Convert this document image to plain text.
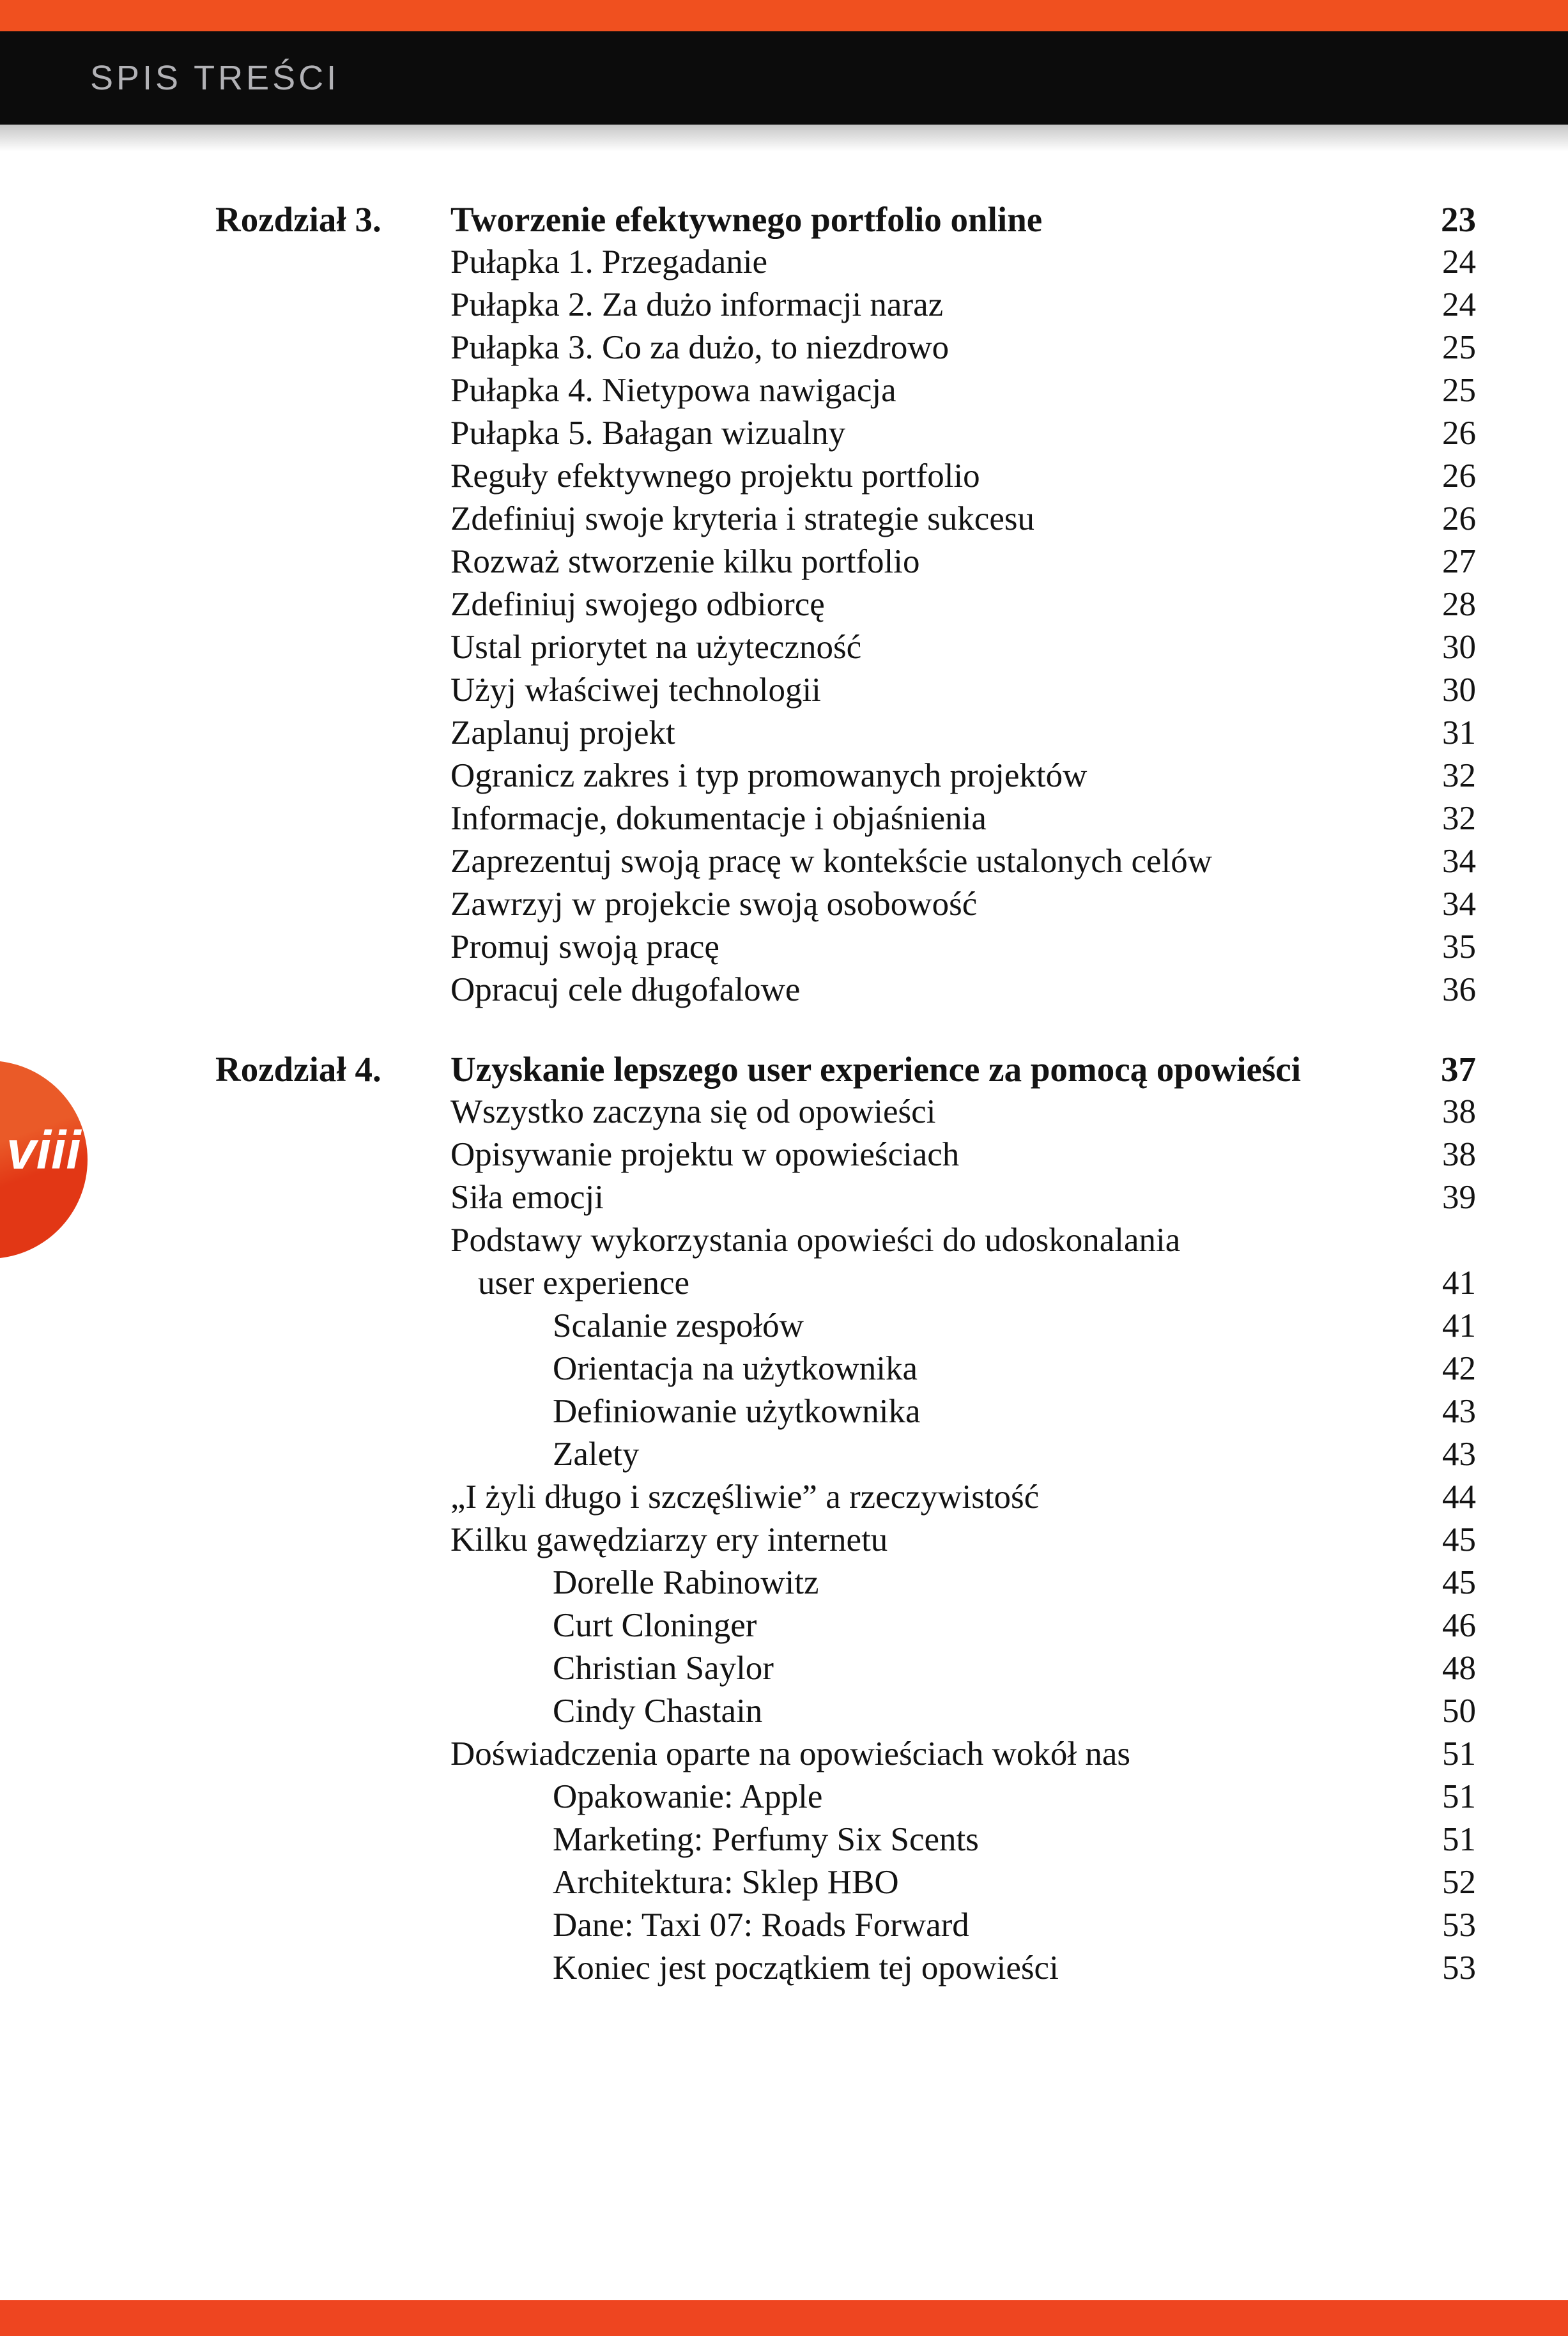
SPIS TREŚCI
Rozdział 3. Tworzenie efektywnego portfolio online	23
Pułapka 1. Przegadanie	24
Pułapka 2. Za dużo informacji naraz	24
Pułapka 3. Co za dużo, to niezdrowo	25
Pułapka 4. Nietypowa nawigacja	25
Pułapka 5. Bałagan wizualny	26
Reguły efektywnego projektu portfolio	26
Zdefiniuj swoje kryteria i strategie sukcesu	26
Rozważ stworzenie kilku portfolio	27
Zdefiniuj swojego odbiorcę	28
Ustal priorytet na użyteczność	30
Użyj właściwej technologii	30
Zaplanuj projekt	31
Ogranicz zakres i typ promowanych projektów	32
Informacje, dokumentacje i objaśnienia	32
Zaprezentuj swoją pracę w kontekście ustalonych celów	34
Zawrzyj w projekcie swoją osobowość	34
Promuj swoją pracę	35
Opracuj cele długofalowe	36
Rozdział 4. Uzyskanie lepszego user experience za pomocą opowieści	37
Wszystko zaczyna się od opowieści	38
Opisywanie projektu w opowieściach	38
Siła emocji	39
Podstawy wykorzystania opowieści do udoskonalania
user experience	41
Scalanie zespołów	41
Orientacja na użytkownika	42
Definiowanie użytkownika	43
Zalety	43
„I żyli długo i szczęśliwie” a rzeczywistość	44
Kilku gawędziarzy ery internetu	45
Dorelle Rabinowitz	45
Curt Cloninger	46
Christian Saylor	48
Cindy Chastain	50
Doświadczenia oparte na opowieściach wokół nas	51
Opakowanie: Apple	51
Marketing: Perfumy Six Scents	51
Architektura: Sklep HBO	52
Dane: Taxi 07: Roads Forward	53
Koniec jest początkiem tej opowieści	53
viii
